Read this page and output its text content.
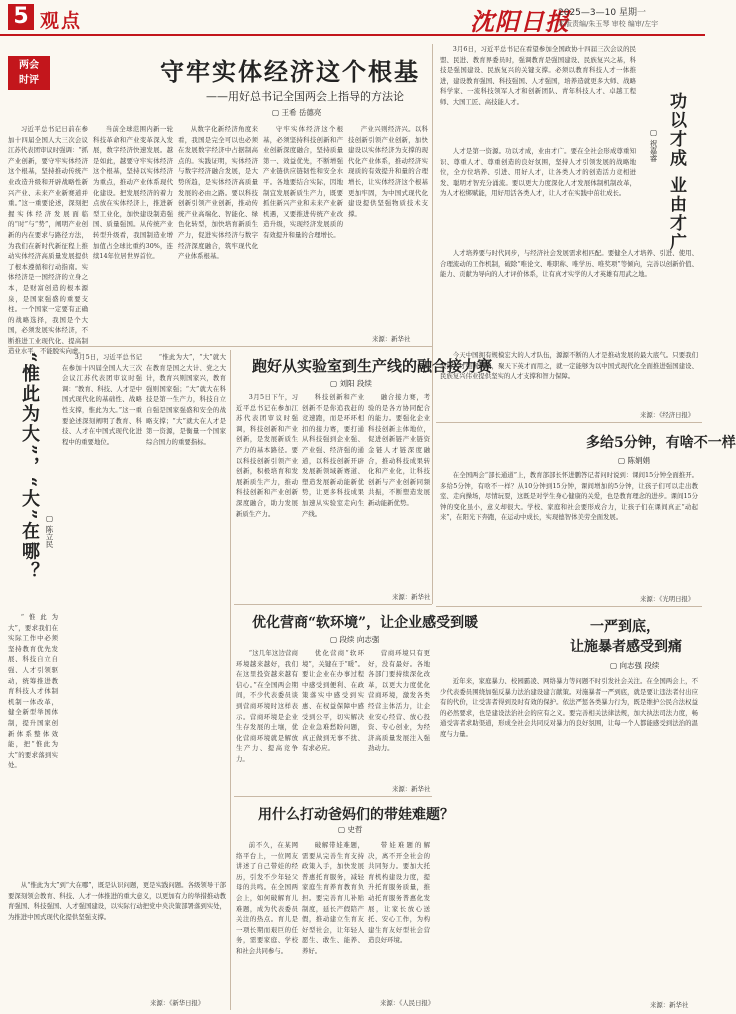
5 观点	沈阳日报
2025—3—10 星期一
本版责编/朱玉琴 审校 编审/左宇
两会
时评	守牢实体经济这个根基
——用好总书记全国两会上指导的方法论
▢ 王希 岳德亮

习近平总书记日前在参加十四届全国人大三次会议江苏代表团审议时强调：“抓产业创新，要守牢实体经济这个根基，坚持推动传统产业改造升级和开辟战略性新兴产业、未来产业新赛道并重。”这一重要论述，深刻把握实体经济发展面临的“时”与“势”，阐明产业创新的内在要求与路径方法，为我们在新时代新征程上推动实体经济高质量发展提供了根本遵循和行动指南。实体经济是一国经济的立身之本，是财富创造的根本源泉，是国家强盛的重要支柱。一个国家一定要有正确的战略选择，我国是个大国，必须发展实体经济，不断推进工业现代化、提高制造业水平，不能脱实向虚。

当前全球范围内新一轮科技革命和产业变革深入发展，数字经济快速发展。越是如此，越要守牢实体经济这个根基，坚持以实体经济为重点，推动产业体系现代化建设。把发展经济的着力点放在实体经济上，推进新型工业化，加快建设制造强国、质量强国。从传统产业转型升级看，我国制造业增加值占全球比重约30%，连续14年位居世界首位。

从数字化新经济角度来看，我国是完全可以也必须在发展数字经济中占据制高点的。实践证明，实体经济与数字经济融合发展，是大势所趋，是实体经济高质量发展的必由之路。要以科技创新引领产业创新，推动传统产业高端化、智能化、绿色化转型，加快培育新质生产力，促进实体经济与数字经济深度融合，筑牢现代化产业体系根基。

守牢实体经济这个根基，必须坚持科技创新和产业创新深度融合，坚持质量第一、效益优先，不断增强产业链供应链韧性和安全水平。各地要结合实际，因地制宜发展新质生产力，既要抓住新兴产业和未来产业新机遇，又要推进传统产业改造升级，实现经济发展质的有效提升和量的合理增长。

产业兴则经济兴。以科技创新引领产业创新，加快建设以实体经济为支撑的现代化产业体系，推动经济实现质的有效提升和量的合理增长，让实体经济这个根基更加牢固，为中国式现代化建设提供坚强物质技术支撑。

来源：新华社
功以才成 业由才广
▢ 祝嘉睿

3月6日，习近平总书记在看望参加全国政协十四届三次会议的民盟、民进、教育界委员时，强调教育是强国建设、民族复兴之基，科技是强国建设、民族复兴的关键支撑。必须以教育科技人才一体推进，建设教育强国、科技强国、人才强国，培养造就更多大师、战略科学家、一流科技领军人才和创新团队、青年科技人才、卓越工程师、大国工匠、高技能人才。

人才是第一资源。功以才成，业由才广。要在全社会形成尊重知识、尊重人才、尊重创造的良好氛围，坚持人才引领发展的战略地位，全方位培养、引进、用好人才，让各类人才的创造活力竞相迸发、聪明才智充分涌流。要以更大力度深化人才发展体制机制改革，为人才松绑赋能，用好用活各类人才，让人才在实践中茁壮成长。

人才培养要与时代同步，与经济社会发展需求相匹配。要健全人才培养、引进、使用、合理流动的工作机制，破除“唯论文、唯职称、唯学历、唯奖项”等倾向，完善以创新价值、能力、贡献为导向的人才评价体系，让有真才实学的人才英雄有用武之地。

今天中国拥有规模宏大的人才队伍，源源不断的人才是推动发展的最大底气。只要我们坚持人才强国战略，聚天下英才而用之，就一定能够为以中国式现代化全面推进强国建设、民族复兴伟业提供坚实的人才支撑和智力保障。

来源：《经济日报》
多给5分钟，有啥不一样
▢ 陈娟娟

在全国两会“部长通道”上，教育部部长怀进鹏答记者问时说到：课间15分钟全面推开。多给5分钟，有啥不一样？从10分钟到15分钟，课间增加的5分钟，让孩子们可以走出教室、走向操场，尽情玩耍，这既是对学生身心健康的关爱，也是教育理念的进步。课间15分钟的变化虽小，意义却很大。学校、家庭和社会要形成合力，让孩子们在课间真正“动起来”，在阳光下奔跑，在运动中成长，实现德智体美劳全面发展。

来源：《光明日报》
一严到底，
让施暴者感受到痛
▢ 向志强 段续

近年来，家庭暴力、校园霸凌、网络暴力等问题不时引发社会关注。在全国两会上，不少代表委员围绕加强反暴力法治建设建言献策。对施暴者一严到底，就是要让违法者付出应有的代价，让受害者得到及时有效的保护。依法严惩各类暴力行为，既是维护公民合法权益的必然要求，也是建设法治社会的应有之义。要完善相关法律法规，加大执法司法力度，畅通受害者求助渠道，形成全社会共同反对暴力的良好氛围，让每一个人都能感受到法治的温度与力量。

来源：新华社
“惟此为大”，“大”在哪？ ▢ 陈立民

3月5日，习近平总书记在参加十四届全国人大三次会议江苏代表团审议时强调：“教育、科技、人才是中国式现代化的基础性、战略性支撑，惟此为大。”这一重要论述深刻阐明了教育、科技、人才在中国式现代化进程中的重要地位。

“惟此为大”，“大”就大在教育是国之大计、党之大计，教育兴则国家兴，教育强则国家强；“大”就大在科技是第一生产力，科技自立自强是国家强盛和安全的战略支撑；“大”就大在人才是第一资源，是衡量一个国家综合国力的重要指标。

“惟此为大”，要求我们在实际工作中必须坚持教育优先发展、科技自立自强、人才引领驱动，统筹推进教育科技人才体制机制一体改革，健全新型举国体制，提升国家创新体系整体效能，把“惟此为大”的要求落到实处。

从“惟此为大”到“大在哪”，既是认识问题，更是实践问题。各级领导干部要深刻领会教育、科技、人才一体推进的重大意义，以更加有力的举措推动教育强国、科技强国、人才强国建设，以实际行动把党中央决策部署落到实处，为推进中国式现代化提供坚强支撑。

来源：《新华日报》
跑好从实验室到生产线的融合接力赛
▢ 刘阳 段续

3月5日下午，习近平总书记在参加江苏代表团审议时强调，科技创新和产业创新，是发展新质生产力的基本路径。要以科技创新引领产业创新，积极培育和发展新质生产力，推动科技创新和产业创新深度融合，助力发展新质生产力。

科技创新和产业创新不是你追我赶的竞速跑，而是环环相扣的接力赛，要打通从科技强到企业强、产业强、经济强的通道，以科技创新开辟发展新领域新赛道、塑造发展新动能新优势，让更多科技成果加速从实验室走向生产线。

融合接力赛，考验的是各方协同配合的能力。要强化企业科技创新主体地位，促进创新链产业链资金链人才链深度融合，推动科技成果转化和产业化，让科技创新与产业创新同频共振，不断塑造发展新动能新优势。

来源：新华社
优化营商“软环境”，让企业感受到暖
▢ 段续 向志强

“这几年这边营商环境越来越好，我们在这里投资越来越有信心。”在全国两会期间，不少代表委员谈到营商环境时这样表示。营商环境是企业生存发展的土壤，优化营商环境就是解放生产力、提高竞争力。

优化营商“软环境”，关键在于“暖”。要让企业在办事过程中感受到便利、在政策落实中感受到实惠、在权益保障中感受到公平，切实解决企业急难愁盼问题，真正做到无事不扰、有求必应。

营商环境只有更好，没有最好。各地各部门要持续深化改革，以更大力度优化营商环境，激发各类经营主体活力，让企业安心经营、放心投资、专心创业，为经济高质量发展注入强劲动力。

来源：新华社
用什么打动爸妈们的带娃难题？
▢ 史哲

前不久，在某网络平台上，一位网友讲述了自己带娃的经历，引发不少年轻父母的共鸣。在全国两会上，如何破解育儿难题，成为代表委员关注的热点。育儿是一项长期而艰巨的任务，需要家庭、学校和社会共同参与。

破解带娃难题，需要从完善生育支持政策入手，加快发展普惠托育服务，减轻家庭生育养育教育负担。要完善育儿补贴制度，延长产假陪产假，推动建立生育友好型社会，让年轻人愿生、敢生、能养、养好。

带娃难题的解决，离不开全社会的共同努力。要加大托育机构建设力度，提升托育服务质量，推动托育服务普惠化发展，让家长放心送托、安心工作，为构建生育友好型社会营造良好环境。

来源：《人民日报》
